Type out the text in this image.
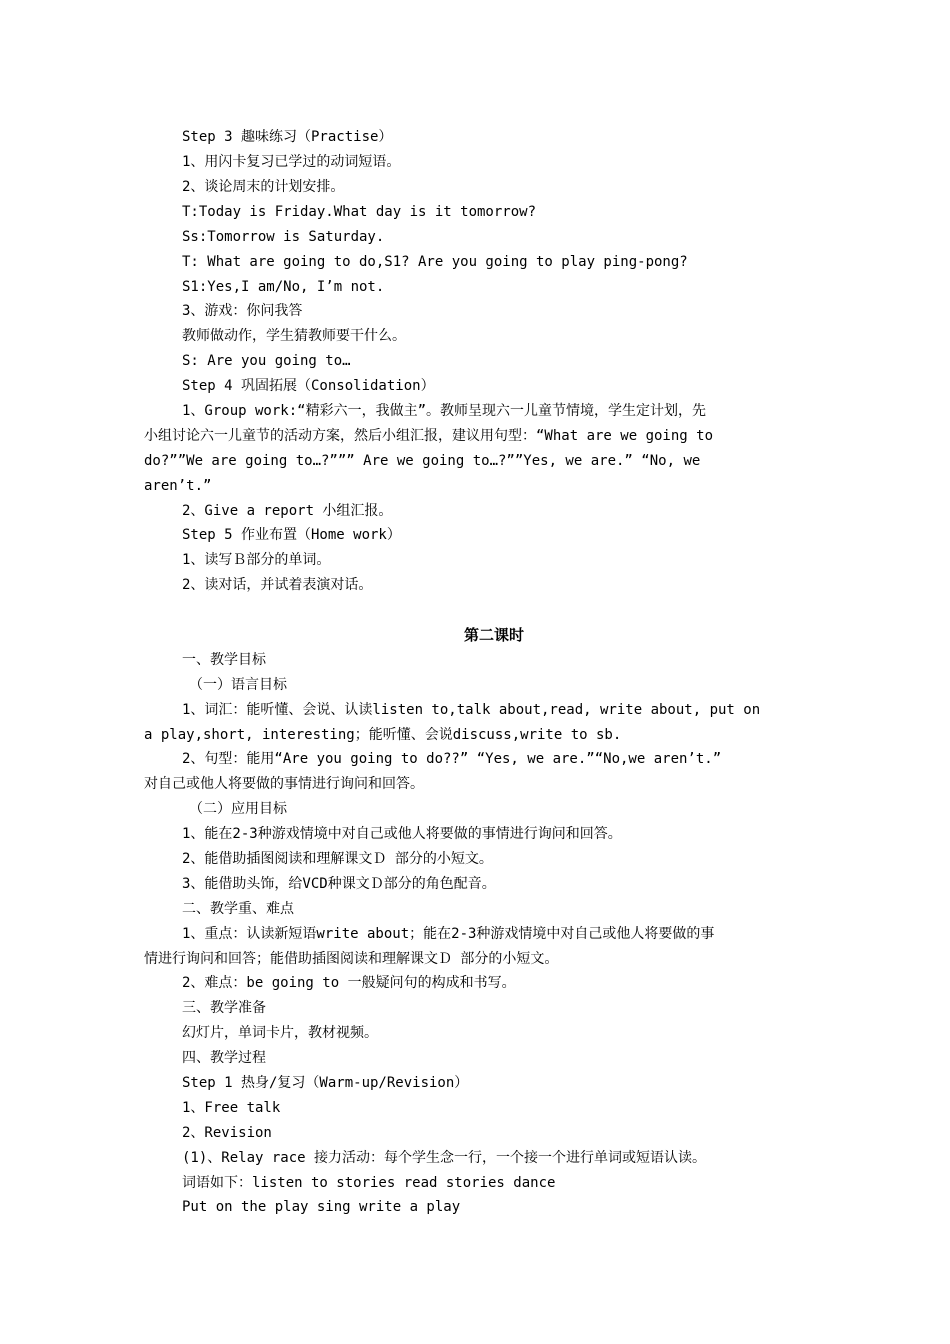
Step 3 趣味练习（Practise）
1、用闪卡复习已学过的动词短语。
2、谈论周末的计划安排。
T:Today is Friday.What day is it tomorrow?
Ss:Tomorrow is Saturday.
T: What are going to do,S1? Are you going to play ping-pong?
S1:Yes,I am/No, I’m not.
3、游戏：你问我答
教师做动作，学生猜教师要干什么。
S: Are you going to…
Step 4 巩固拓展（Consolidation）
1、Group work:“精彩六一，我做主”。教师呈现六一儿童节情境，学生定计划，先
小组讨论六一儿童节的活动方案，然后小组汇报，建议用句型：“What are we going to
do?””We are going to…?””” Are we going to…?””Yes, we are.” “No, we
aren’t.”
2、Give a report 小组汇报。
Step 5 作业布置（Home work）
1、读写Ｂ部分的单词。
2、读对话，并试着表演对话。
第二课时
一、教学目标
（一）语言目标
1、词汇：能听懂、会说、认读listen to,talk about,read, write about, put on
a play,short, interesting；能听懂、会说discuss,write to sb.
2、句型：能用“Are you going to do??” “Yes, we are.”“No,we aren’t.”
对自己或他人将要做的事情进行询问和回答。
（二）应用目标
1、能在2-3种游戏情境中对自己或他人将要做的事情进行询问和回答。
2、能借助插图阅读和理解课文Ｄ 部分的小短文。
3、能借助头饰，给VCD种课文Ｄ部分的角色配音。
二、教学重、难点
1、重点：认读新短语write about；能在2-3种游戏情境中对自己或他人将要做的事
情进行询问和回答；能借助插图阅读和理解课文Ｄ 部分的小短文。
2、难点：be going to 一般疑问句的构成和书写。
三、教学准备
幻灯片，单词卡片，教材视频。
四、教学过程
Step 1 热身/复习（Warm-up/Revision）
1、Free talk
2、Revision
(1)、Relay race 接力活动：每个学生念一行，一个接一个进行单词或短语认读。
词语如下：listen to stories read stories dance
Put on the play sing write a play
